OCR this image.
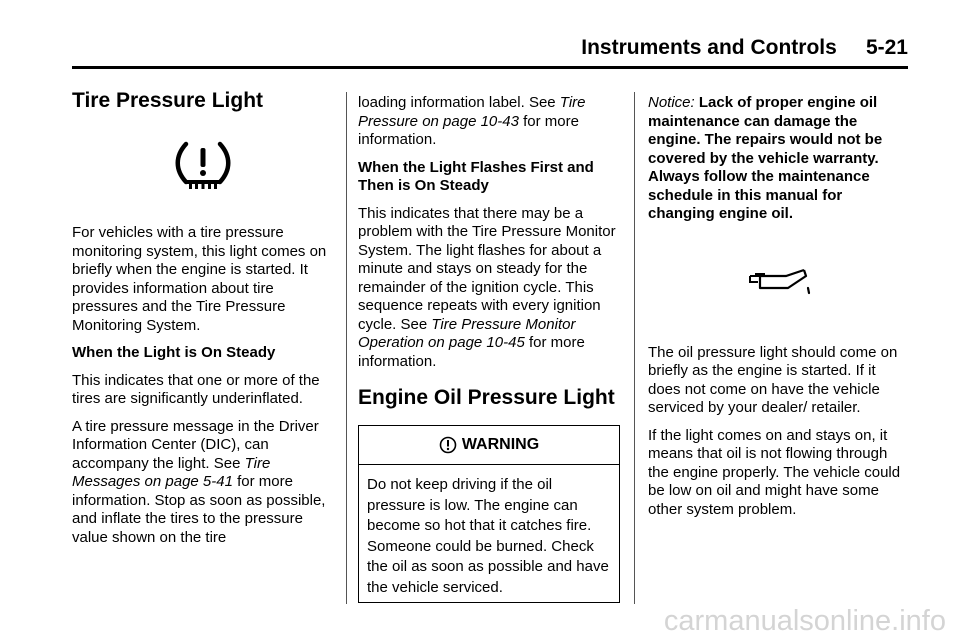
Instruments and Controls     5-21
Tire Pressure Light

For vehicles with a tire pressure monitoring system, this light comes on briefly when the engine is started. It provides information about tire pressures and the Tire Pressure Monitoring System.

When the Light is On Steady

This indicates that one or more of the tires are significantly underinflated.

A tire pressure message in the Driver Information Center (DIC), can accompany the light. See Tire Messages on page 5-41 for more information. Stop as soon as possible, and inflate the tires to the pressure value shown on the tire

loading information label. See Tire Pressure on page 10-43 for more information.

When the Light Flashes First and Then is On Steady

This indicates that there may be a problem with the Tire Pressure Monitor System. The light flashes for about a minute and stays on steady for the remainder of the ignition cycle. This sequence repeats with every ignition cycle. See Tire Pressure Monitor Operation on page 10-45 for more information.

Engine Oil Pressure Light
WARNING

Do not keep driving if the oil pressure is low. The engine can become so hot that it catches fire. Someone could be burned. Check the oil as soon as possible and have the vehicle serviced.

Notice: Lack of proper engine oil maintenance can damage the engine. The repairs would not be covered by the vehicle warranty. Always follow the maintenance schedule in this manual for changing engine oil.

The oil pressure light should come on briefly as the engine is started. If it does not come on have the vehicle serviced by your dealer/ retailer.

If the light comes on and stays on, it means that oil is not flowing through the engine properly. The vehicle could be low on oil and might have some other system problem.

carmanualsonline.info
